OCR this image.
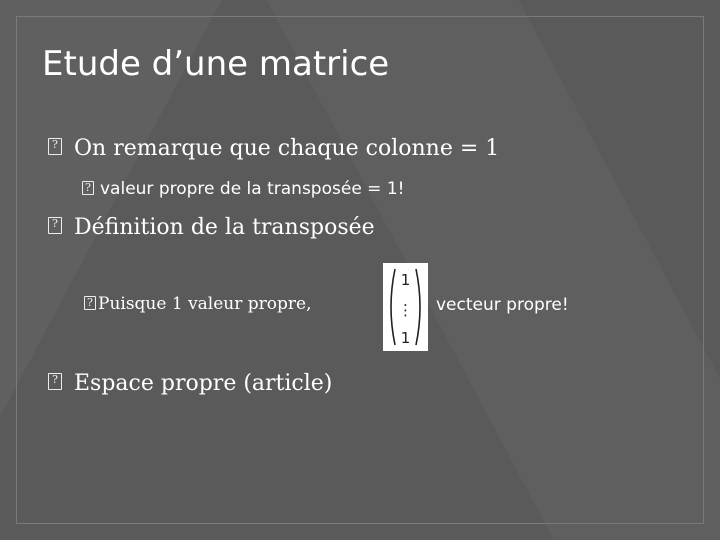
Etude d’une matrice
? On remarque que chaque colonne = 1
? valeur propre de la transposée = 1!
? Définition de la transposée
? Puisque 1 valeur propre,
1
⋮
1
vecteur propre!
? Espace propre (article)
